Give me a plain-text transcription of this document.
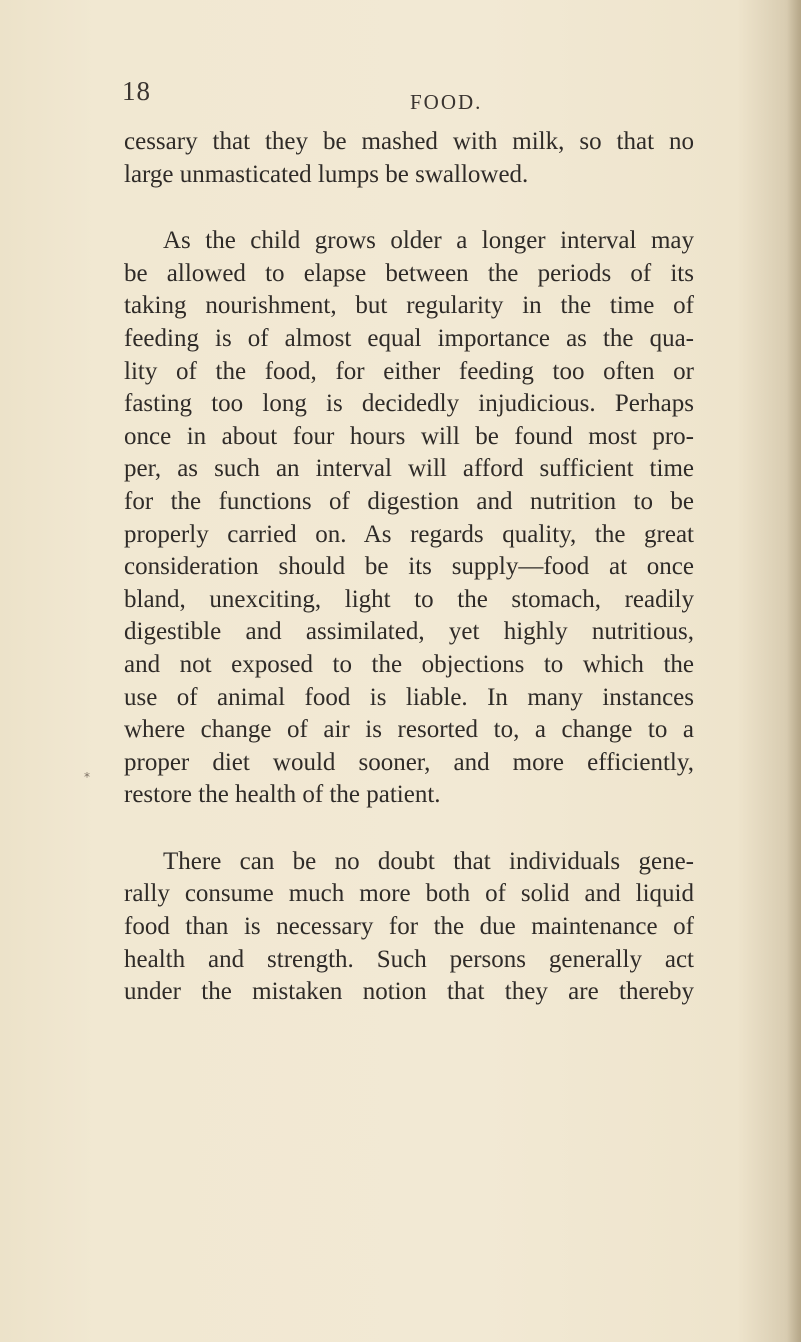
18	FOOD.
*

cessary that they be mashed with milk, so that no
large unmasticated lumps be swallowed.

As the child grows older a longer interval may
be allowed to elapse between the periods of its
taking nourishment, but regularity in the time of
feeding is of almost equal importance as the qua-
lity of the food, for either feeding too often or
fasting too long is decidedly injudicious. Perhaps
once in about four hours will be found most pro-
per, as such an interval will afford sufficient time
for the functions of digestion and nutrition to be
properly carried on. As regards quality, the great
consideration should be its supply—food at once
bland, unexciting, light to the stomach, readily
digestible and assimilated, yet highly nutritious,
and not exposed to the objections to which the
use of animal food is liable. In many instances
where change of air is resorted to, a change to a
proper diet would sooner, and more efficiently,
restore the health of the patient.

There can be no doubt that individuals gene-
rally consume much more both of solid and liquid
food than is necessary for the due maintenance of
health and strength. Such persons generally act
under the mistaken notion that they are thereby
